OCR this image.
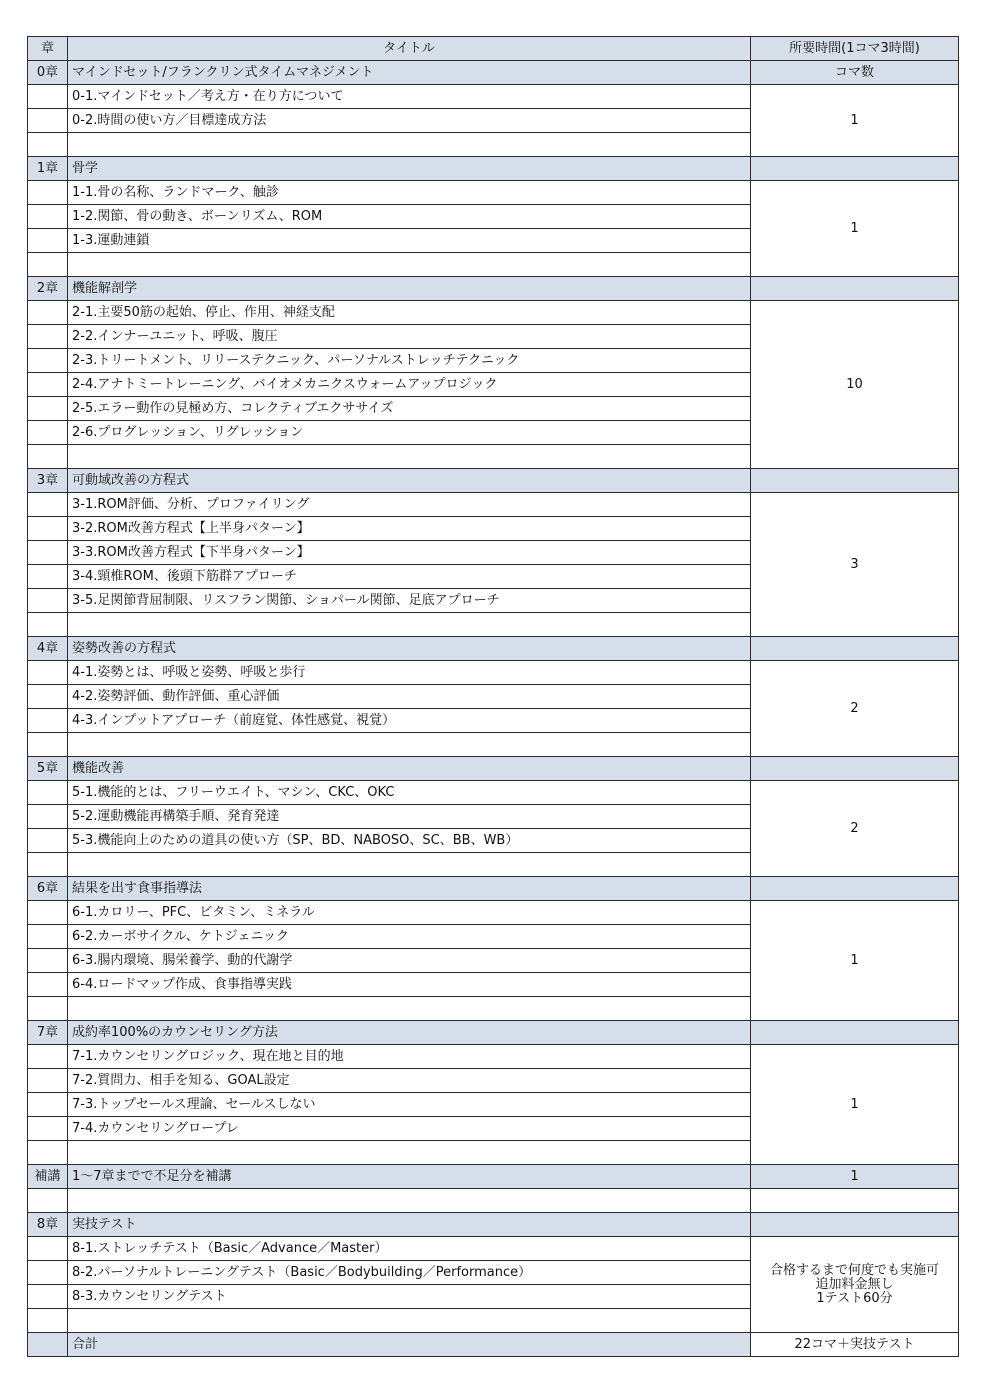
章	タイトル	所要時間(1コマ3時間)
0章	マインドセット/フランクリン式タイムマネジメント	コマ数
	0-1.マインドセット／考え方・在り方について	1
	0-2.時間の使い方／目標達成方法	

1章	骨学	
	1-1.骨の名称、ランドマーク、触診	1
	1-2.関節、骨の動き、ボーンリズム、ROM	
	1-3.運動連鎖	

2章	機能解剖学	
	2-1.主要50筋の起始、停止、作用、神経支配	10
	2-2.インナーユニット、呼吸、腹圧	
	2-3.トリートメント、リリーステクニック、パーソナルストレッチテクニック	
	2-4.アナトミートレーニング、バイオメカニクスウォームアップロジック	
	2-5.エラー動作の見極め方、コレクティブエクササイズ	
	2-6.プログレッション、リグレッション	

3章	可動域改善の方程式	
	3-1.ROM評価、分析、プロファイリング	3
	3-2.ROM改善方程式【上半身パターン】	
	3-3.ROM改善方程式【下半身パターン】	
	3-4.頸椎ROM、後頭下筋群アプローチ	
	3-5.足関節背屈制限、リスフラン関節、ショパール関節、足底アプローチ	

4章	姿勢改善の方程式	
	4-1.姿勢とは、呼吸と姿勢、呼吸と歩行	2
	4-2.姿勢評価、動作評価、重心評価	
	4-3.インプットアプローチ（前庭覚、体性感覚、視覚）	

5章	機能改善	
	5-1.機能的とは、フリーウエイト、マシン、CKC、OKC	2
	5-2.運動機能再構築手順、発育発達	
	5-3.機能向上のための道具の使い方（SP、BD、NABOSO、SC、BB、WB）	

6章	結果を出す食事指導法	
	6-1.カロリー、PFC、ビタミン、ミネラル	1
	6-2.カーボサイクル、ケトジェニック	
	6-3.腸内環境、腸栄養学、動的代謝学	
	6-4.ロードマップ作成、食事指導実践	

7章	成約率100%のカウンセリング方法	
	7-1.カウンセリングロジック、現在地と目的地	1
	7-2.質問力、相手を知る、GOAL設定	
	7-3.トップセールス理論、セールスしない	
	7-4.カウンセリングロープレ	

補講	1〜7章までで不足分を補講	1

8章	実技テスト	
	8-1.ストレッチテスト（Basic／Advance／Master）	合格するまで何度でも実施可
追加料金無し
1テスト60分

	8-2.パーソナルトレーニングテスト（Basic／Bodybuilding／Performance）	
	8-3.カウンセリングテスト	

	合計	22コマ＋実技テスト
